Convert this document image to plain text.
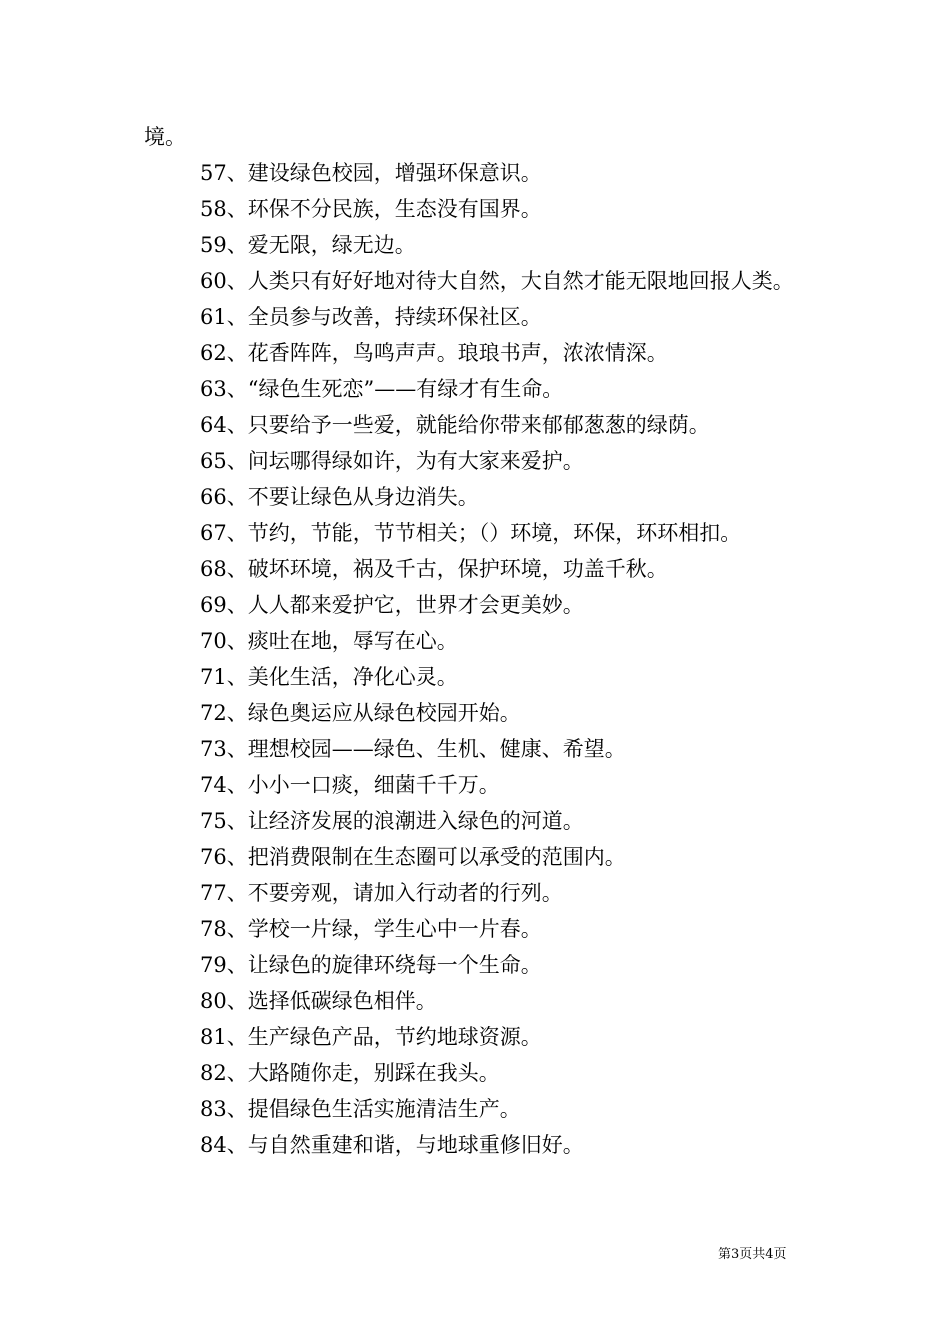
境。
57、建设绿色校园，增强环保意识。
58、环保不分民族，生态没有国界。
59、爱无限，绿无边。
60、人类只有好好地对待大自然，大自然才能无限地回报人类。
61、全员参与改善，持续环保社区。
62、花香阵阵，鸟鸣声声。琅琅书声，浓浓情深。
63、“绿色生死恋”——有绿才有生命。
64、只要给予一些爱，就能给你带来郁郁葱葱的绿荫。
65、问坛哪得绿如许，为有大家来爱护。
66、不要让绿色从身边消失。
67、节约，节能，节节相关；（）环境，环保，环环相扣。
68、破坏环境，祸及千古，保护环境，功盖千秋。
69、人人都来爱护它，世界才会更美妙。
70、痰吐在地，辱写在心。
71、美化生活，净化心灵。
72、绿色奥运应从绿色校园开始。
73、理想校园——绿色、生机、健康、希望。
74、小小一口痰，细菌千千万。
75、让经济发展的浪潮进入绿色的河道。
76、把消费限制在生态圈可以承受的范围内。
77、不要旁观，请加入行动者的行列。
78、学校一片绿，学生心中一片春。
79、让绿色的旋律环绕每一个生命。
80、选择低碳绿色相伴。
81、生产绿色产品，节约地球资源。
82、大路随你走，别踩在我头。
83、提倡绿色生活实施清洁生产。
84、与自然重建和谐，与地球重修旧好。
第3页共4页
